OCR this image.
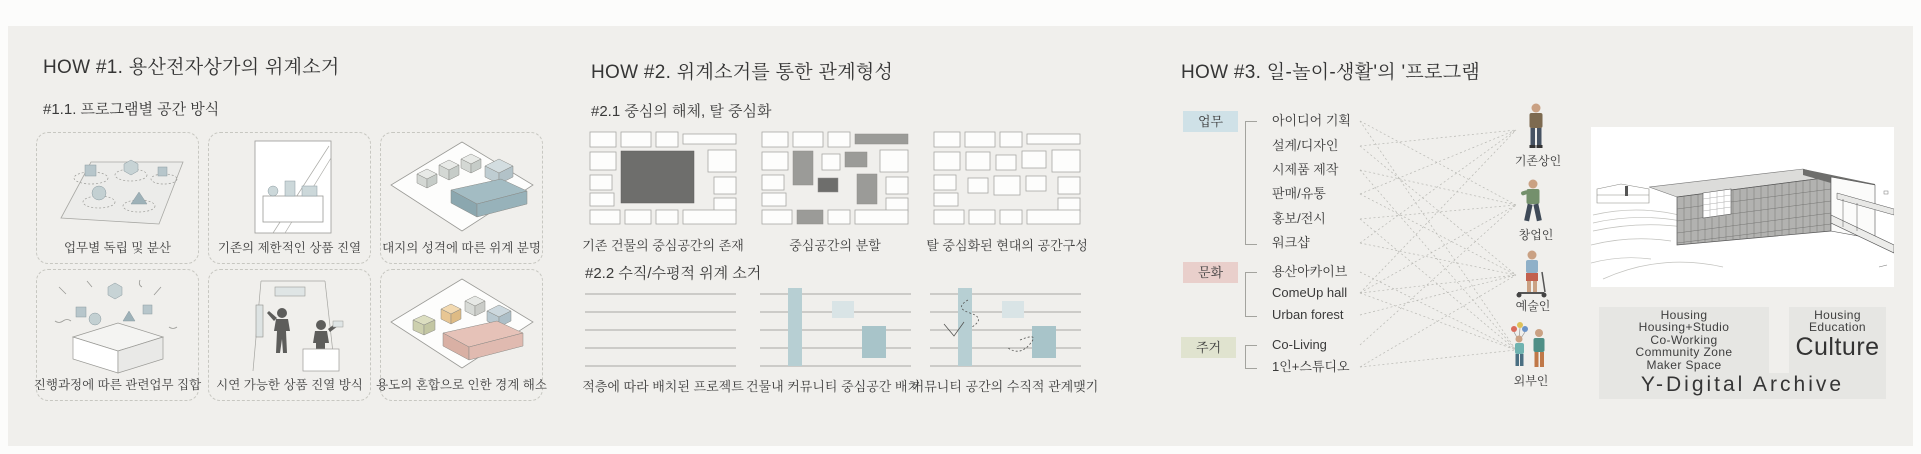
HOW #1. 용산전자상가의 위계소거
#1.1. 프로그램별 공간 방식
업무별 독립 및 분산	기존의 제한적인 상품 진열 대지의 성격에 따른 위계 분명
진행과정에 따른 관련업무 집합 시연 가능한 상품 진열 방식 용도의 혼합으로 인한 경계 해소
HOW #2. 위계소거를 통한 관계형성
#2.1 중심의 해체, 탈 중심화
기존 건물의 중심공간의 존재	중심공간의 분할	탈 중심화된 현대의 공간구성
#2.2 수직/수평적 위계 소거
적층에 따라 배치된 프로젝트 건물내 커뮤니티 중심공간 배치
커뮤니티 공간의 수직적 관계맺기
HOW #3. 일-놀이-생활'의 '프로그램
업무
문화
주거
아이디어 기획
설계/디자인
시제품 제작
판매/유통
홍보/전시
워크샵
용산아카이브
ComeUp hall
Urban forest
Co-Living
1인+스튜디오
기존상인
창업인
예술인
외부인
Housing
Housing+Studio
Co-Working
Community Zone
Maker Space
Housing
Education
Culture
Y-Digital Archive
